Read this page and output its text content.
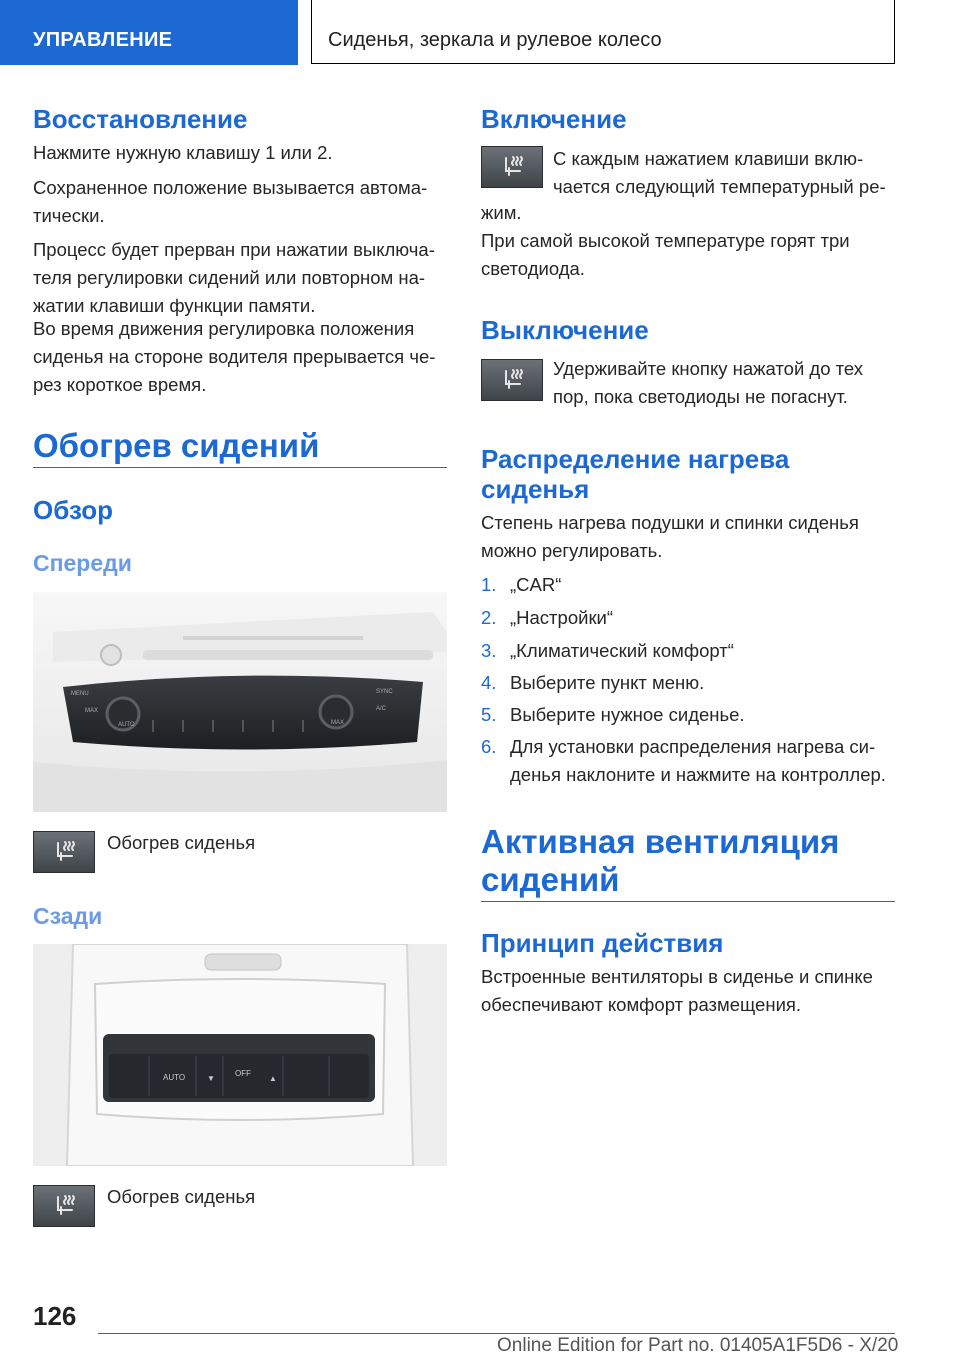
УПРАВЛЕНИЕ	Сиденья, зеркала и рулевое колесо
Восстановление
Нажмите нужную клавишу 1 или 2.
Сохраненное положение вызывается автома-
тически.
Процесс будет прерван при нажатии выключа-
теля регулировки сидений или повторном на-
жатии клавиши функции памяти.
Во время движения регулировка положения
сиденья на стороне водителя прерывается че-
рез короткое время.
Обогрев сидений
Обзор
Спереди
MENU
MAX
AUTO
SYNC
MAX
A/C
Обогрев сиденья
Сзади
AUTO	▼
OFF
▲
Обогрев сиденья
Включение
С каждым нажатием клавиши вклю-
чается следующий температурный ре-
жим.
При самой высокой температуре горят три
светодиода.
Выключение
Удерживайте кнопку нажатой до тех
пор, пока светодиоды не погаснут.
Распределение нагрева
сиденья
Степень нагрева подушки и спинки сиденья
можно регулировать.
1. „CAR“
2. „Настройки“
3. „Климатический комфорт“
4. Выберите пункт меню.
5. Выберите нужное сиденье.
6. Для установки распределения нагрева си-
денья наклоните и нажмите на контроллер.
Активная вентиляция
сидений
Принцип действия
Встроенные вентиляторы в сиденье и спинке
обеспечивают комфорт размещения.
126
Online Edition for Part no. 01405A1F5D6 - X/20
